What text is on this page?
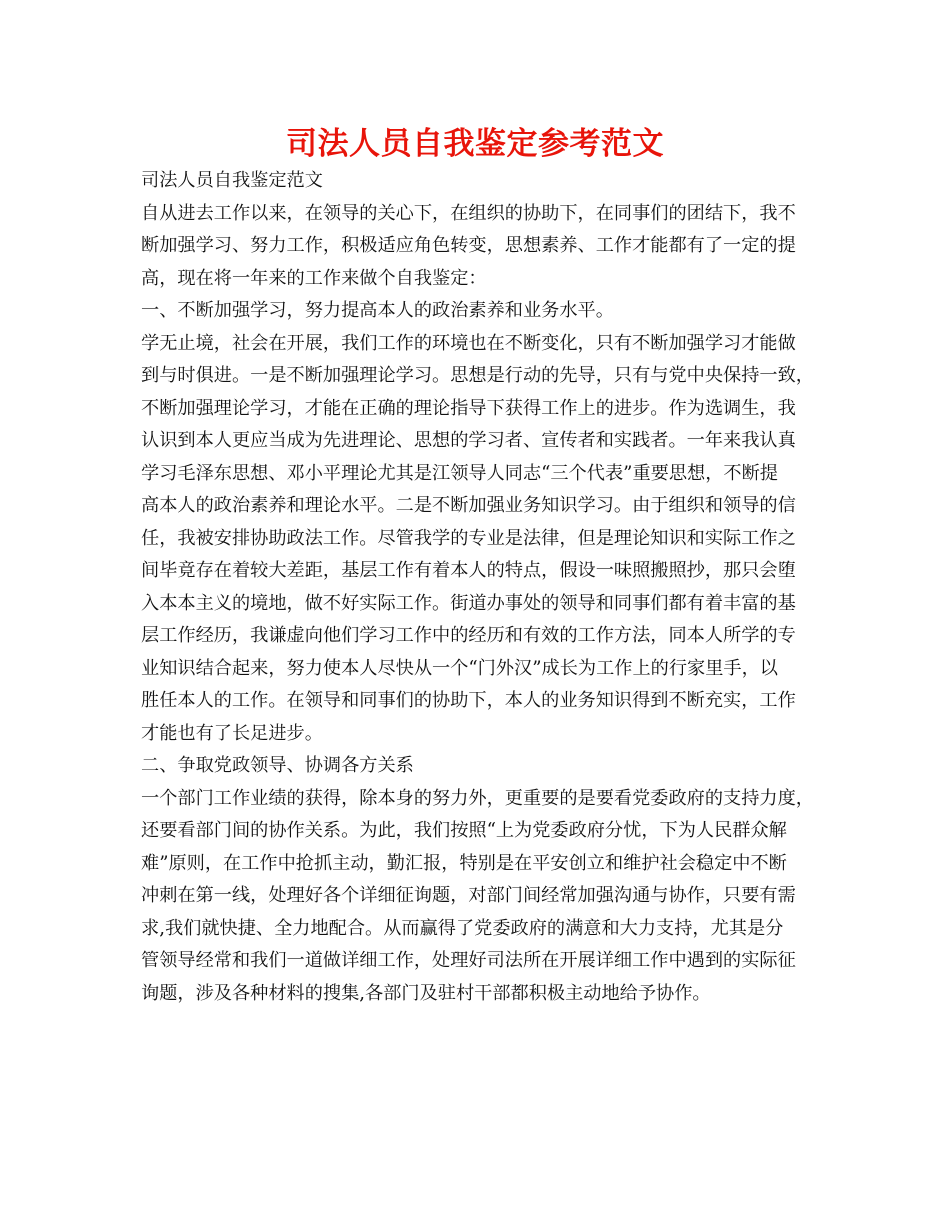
司法人员自我鉴定参考范文
司法人员自我鉴定范文
自从进去工作以来，在领导的关心下，在组织的协助下，在同事们的团结下，我不
断加强学习、努力工作，积极适应角色转变，思想素养、工作才能都有了一定的提
高，现在将一年来的工作来做个自我鉴定：
一、不断加强学习，努力提高本人的政治素养和业务水平。
学无止境，社会在开展，我们工作的环境也在不断变化，只有不断加强学习才能做
到与时俱进。一是不断加强理论学习。思想是行动的先导，只有与党中央保持一致，
不断加强理论学习，才能在正确的理论指导下获得工作上的进步。作为选调生，我
认识到本人更应当成为先进理论、思想的学习者、宣传者和实践者。一年来我认真
学习毛泽东思想、邓小平理论尤其是江领导人同志“三个代表”重要思想，不断提
高本人的政治素养和理论水平。二是不断加强业务知识学习。由于组织和领导的信
任，我被安排协助政法工作。尽管我学的专业是法律，但是理论知识和实际工作之
间毕竟存在着较大差距，基层工作有着本人的特点，假设一味照搬照抄，那只会堕
入本本主义的境地，做不好实际工作。街道办事处的领导和同事们都有着丰富的基
层工作经历，我谦虚向他们学习工作中的经历和有效的工作方法，同本人所学的专
业知识结合起来，努力使本人尽快从一个“门外汉”成长为工作上的行家里手，以
胜任本人的工作。在领导和同事们的协助下，本人的业务知识得到不断充实，工作
才能也有了长足进步。
二、争取党政领导、协调各方关系
一个部门工作业绩的获得，除本身的努力外，更重要的是要看党委政府的支持力度，
还要看部门间的协作关系。为此，我们按照“上为党委政府分忧，下为人民群众解
难”原则，在工作中抢抓主动，勤汇报，特别是在平安创立和维护社会稳定中不断
冲刺在第一线，处理好各个详细征询题，对部门间经常加强沟通与协作，只要有需
求,我们就快捷、全力地配合。从而赢得了党委政府的满意和大力支持，尤其是分
管领导经常和我们一道做详细工作，处理好司法所在开展详细工作中遇到的实际征
询题，涉及各种材料的搜集,各部门及驻村干部都积极主动地给予协作。
